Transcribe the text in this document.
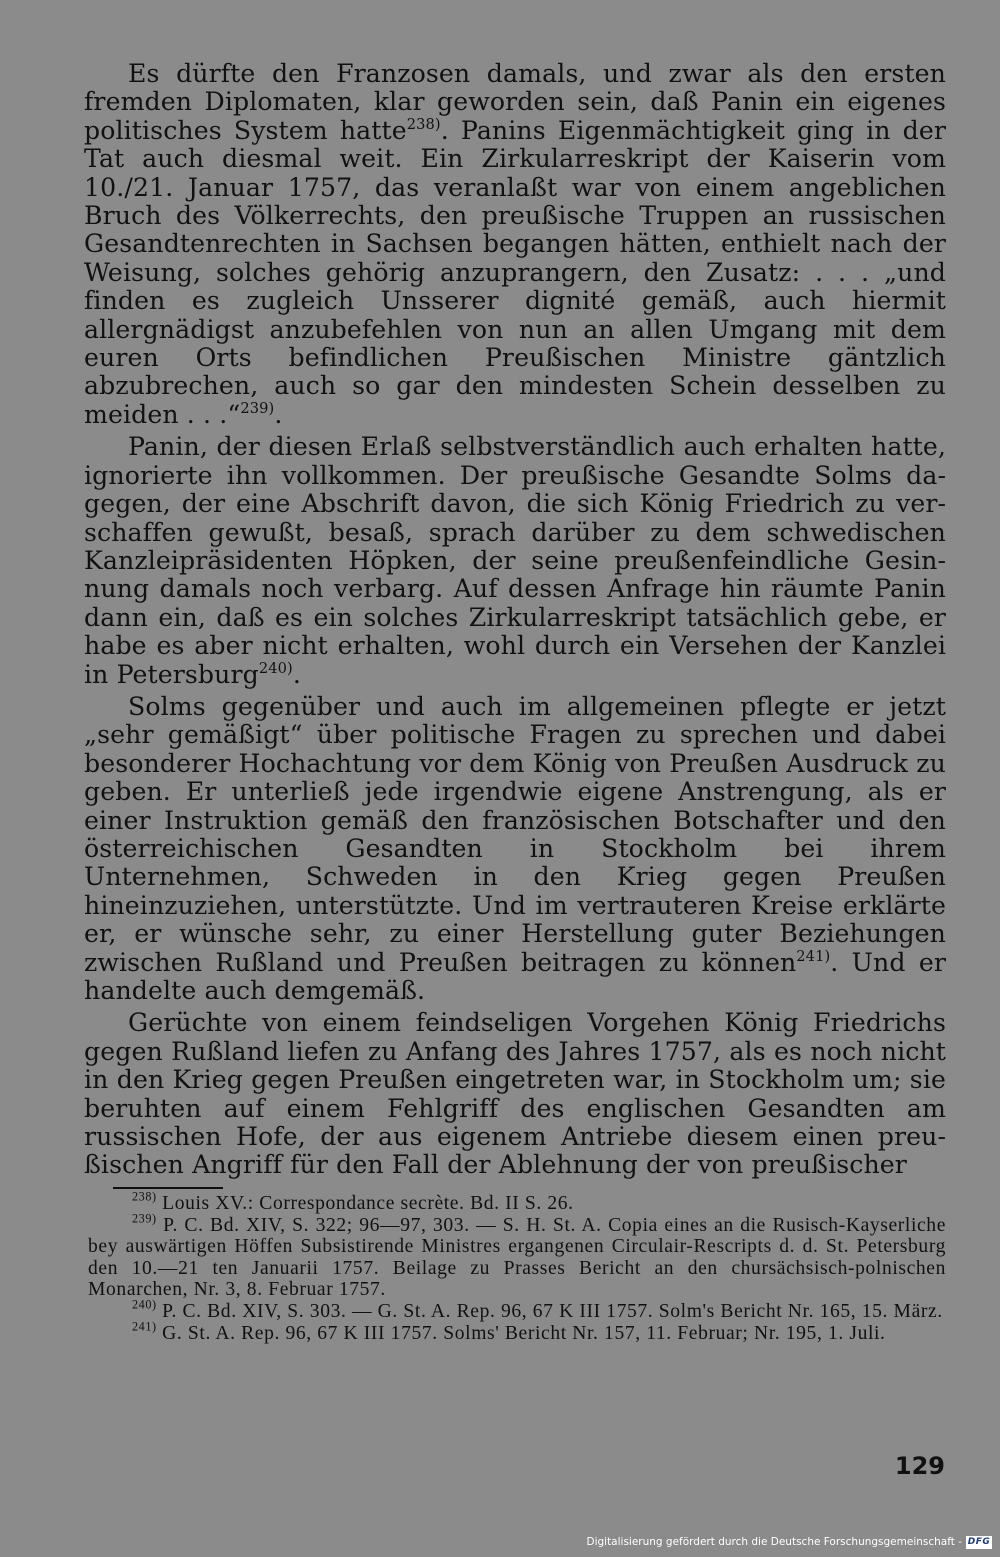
Es dürfte den Franzosen damals, und zwar als den ersten fremden Diplomaten, klar geworden sein, daß Panin ein eigenes politisches System hatte$^{238)}$. Panins Eigenmächtigkeit ging in der Tat auch diesmal weit. Ein Zirkularreskript der Kaiserin vom 10./21. Januar 1757, das veranlaßt war von einem angeblichen Bruch des Völkerrechts, den preußische Truppen an russischen Gesandtenrechten in Sachsen begangen hätten, enthielt nach der Weisung, solches gehörig anzuprangern, den Zusatz: . . . „und finden es zugleich Unsserer dignité gemäß, auch hiermit allergnädigst anzubefehlen von nun an allen Umgang mit dem euren Orts befindlichen Preußischen Ministre gäntzlich abzubrechen, auch so gar den mindesten Schein desselben zu meiden . . .“$^{239)}$.

Panin, der diesen Erlaß selbstverständlich auch erhalten hatte, ignorierte ihn vollkommen. Der preußische Gesandte Solms dagegen, der eine Abschrift davon, die sich König Friedrich zu verschaffen gewußt, besaß, sprach darüber zu dem schwedischen Kanzleipräsidenten Höpken, der seine preußenfeindliche Gesinnung damals noch verbarg. Auf dessen Anfrage hin räumte Panin dann ein, daß es ein solches Zirkularreskript tatsächlich gebe, er habe es aber nicht erhalten, wohl durch ein Versehen der Kanzlei in Petersburg$^{240)}$.

Solms gegenüber und auch im allgemeinen pflegte er jetzt „sehr gemäßigt“ über politische Fragen zu sprechen und dabei besonderer Hochachtung vor dem König von Preußen Ausdruck zu geben. Er unterließ jede irgendwie eigene Anstrengung, als er einer Instruktion gemäß den französischen Botschafter und den österreichischen Gesandten in Stockholm bei ihrem Unternehmen, Schweden in den Krieg gegen Preußen hineinzuziehen, unterstützte. Und im vertrauteren Kreise erklärte er, er wünsche sehr, zu einer Herstellung guter Beziehungen zwischen Rußland und Preußen beitragen zu können$^{241)}$. Und er handelte auch demgemäß.

Gerüchte von einem feindseligen Vorgehen König Friedrichs gegen Rußland liefen zu Anfang des Jahres 1757, als es noch nicht in den Krieg gegen Preußen eingetreten war, in Stockholm um; sie beruhten auf einem Fehlgriff des englischen Gesandten am russischen Hofe, der aus eigenem Antriebe diesem einen preußischen Angriff für den Fall der Ablehnung der von preußischer

$^{238)}$ Louis XV.: Correspondance secrète. Bd. II S. 26.

$^{239)}$ P. C. Bd. XIV, S. 322; 96—97, 303. — S. H. St. A. Copia eines an die Rusisch-Kayserliche bey auswärtigen Höffen Subsistirende Ministres ergangenen Circulair-Rescripts d. d. St. Petersburg den 10.—21 ten Januarii 1757. Beilage zu Prasses Bericht an den chursächsisch-polnischen Monarchen, Nr. 3, 8. Februar 1757.

$^{240)}$ P. C. Bd. XIV, S. 303. — G. St. A. Rep. 96, 67 K III 1757. Solm's Bericht Nr. 165, 15. März.

$^{241)}$ G. St. A. Rep. 96, 67 K III 1757. Solms' Bericht Nr. 157, 11. Februar; Nr. 195, 1. Juli.

129
Digitalisierung gefördert durch die Deutsche Forschungsgemeinschaft - DFG
